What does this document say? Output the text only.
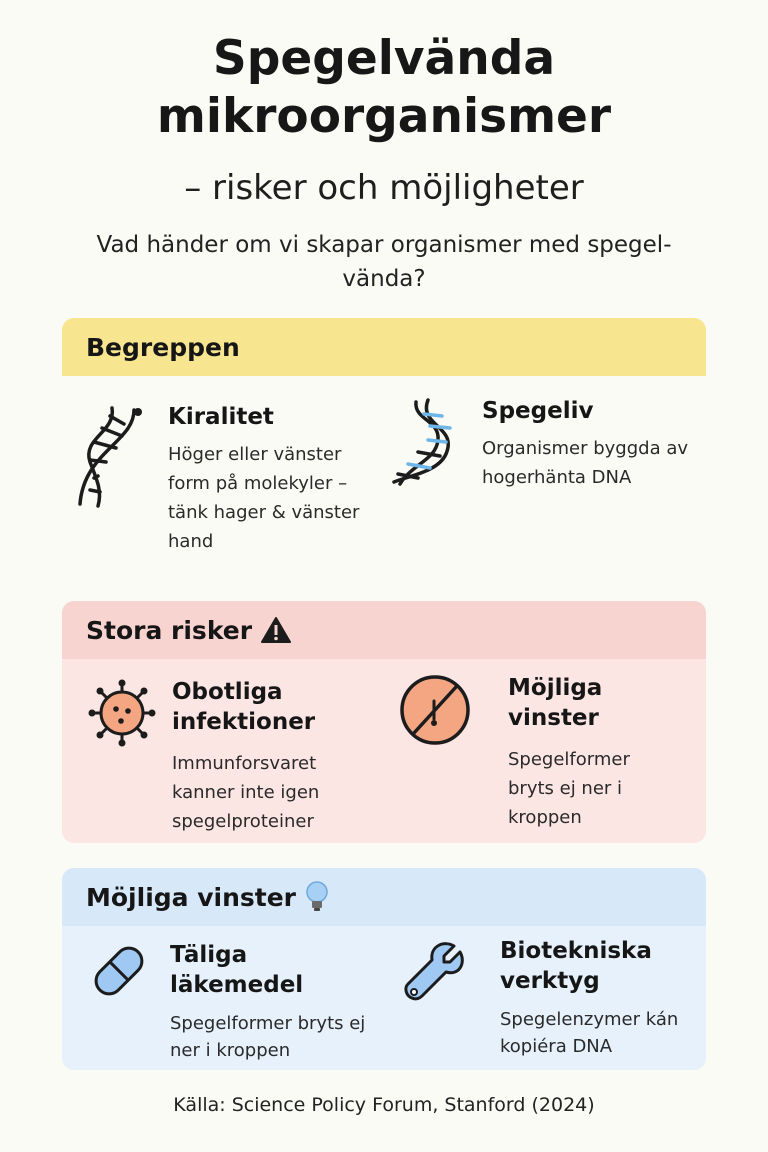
Spegelvända
mikroorganismer
– risker och möjligheter
Vad händer om vi skapar organismer med spegel-vända?
Begreppen
Kiralitet

Höger eller vänster form på molekyler – tänk hager & vänster hand

Spegeliv

Organismer byggda av hogerhänta DNA

Stora risker
Obotliga infektioner

Immunforsvaret kanner inte igen spegelproteiner

Möjliga vinster

Spegelformer bryts ej ner i kroppen

Möjliga vinster
Täliga läkemedel

Spegelformer bryts ej ner i kroppen

Biotekniska verktyg

Spegelenzymer kán kopiéra DNA

Källa: Science Policy Forum, Stanford (2024)
